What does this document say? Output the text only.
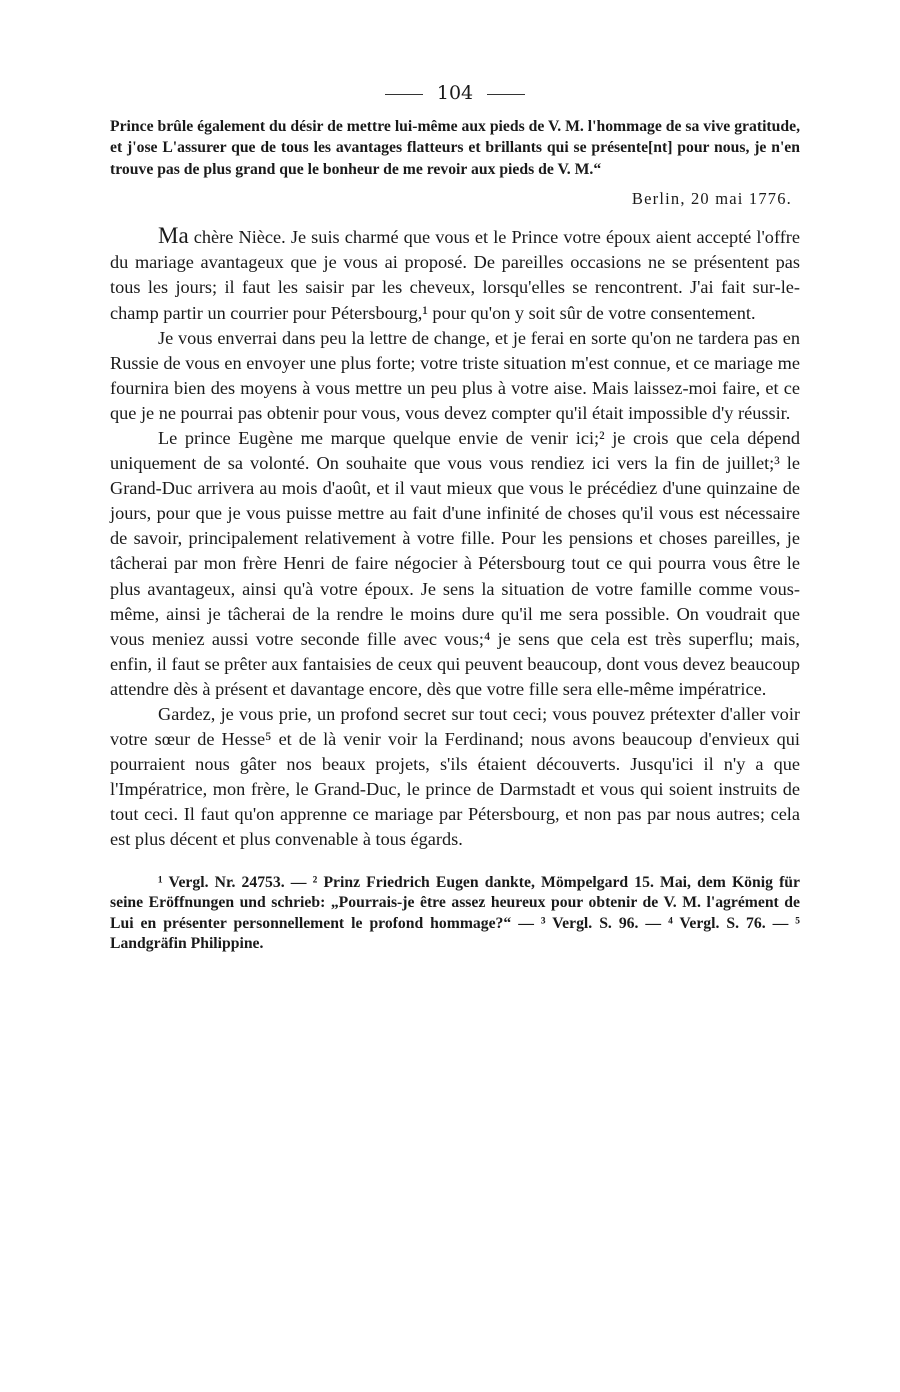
104

Prince brûle également du désir de mettre lui-même aux pieds de V. M. l'hommage de sa vive gratitude, et j'ose L'assurer que de tous les avantages flatteurs et brillants qui se présente[nt] pour nous, je n'en trouve pas de plus grand que le bonheur de me revoir aux pieds de V. M.“

Berlin, 20 mai 1776.

Ma chère Nièce. Je suis charmé que vous et le Prince votre époux aient accepté l'offre du mariage avantageux que je vous ai proposé. De pareilles occasions ne se présentent pas tous les jours; il faut les saisir par les cheveux, lorsqu'elles se rencontrent. J'ai fait sur-le-champ partir un courrier pour Pétersbourg,¹ pour qu'on y soit sûr de votre consentement.

Je vous enverrai dans peu la lettre de change, et je ferai en sorte qu'on ne tardera pas en Russie de vous en envoyer une plus forte; votre triste situation m'est connue, et ce mariage me fournira bien des moyens à vous mettre un peu plus à votre aise. Mais laissez-moi faire, et ce que je ne pourrai pas obtenir pour vous, vous devez compter qu'il était impossible d'y réussir.

Le prince Eugène me marque quelque envie de venir ici;² je crois que cela dépend uniquement de sa volonté. On souhaite que vous vous rendiez ici vers la fin de juillet;³ le Grand-Duc arrivera au mois d'août, et il vaut mieux que vous le précédiez d'une quinzaine de jours, pour que je vous puisse mettre au fait d'une infinité de choses qu'il vous est nécessaire de savoir, principalement relativement à votre fille. Pour les pensions et choses pareilles, je tâcherai par mon frère Henri de faire négocier à Pétersbourg tout ce qui pourra vous être le plus avantageux, ainsi qu'à votre époux. Je sens la situation de votre famille comme vous-même, ainsi je tâcherai de la rendre le moins dure qu'il me sera possible. On voudrait que vous meniez aussi votre seconde fille avec vous;⁴ je sens que cela est très superflu; mais, enfin, il faut se prêter aux fantaisies de ceux qui peuvent beaucoup, dont vous devez beaucoup attendre dès à présent et davantage encore, dès que votre fille sera elle-même impératrice.

Gardez, je vous prie, un profond secret sur tout ceci; vous pouvez prétexter d'aller voir votre sœur de Hesse⁵ et de là venir voir la Ferdinand; nous avons beaucoup d'envieux qui pourraient nous gâter nos beaux projets, s'ils étaient découverts. Jusqu'ici il n'y a que l'Impératrice, mon frère, le Grand-Duc, le prince de Darmstadt et vous qui soient instruits de tout ceci. Il faut qu'on apprenne ce mariage par Pétersbourg, et non pas par nous autres; cela est plus décent et plus convenable à tous égards.

¹ Vergl. Nr. 24753. — ² Prinz Friedrich Eugen dankte, Mömpelgard 15. Mai, dem König für seine Eröffnungen und schrieb: „Pourrais-je être assez heureux pour obtenir de V. M. l'agrément de Lui en présenter personnellement le profond hommage?“ — ³ Vergl. S. 96. — ⁴ Vergl. S. 76. — ⁵ Landgräfin Philippine.
